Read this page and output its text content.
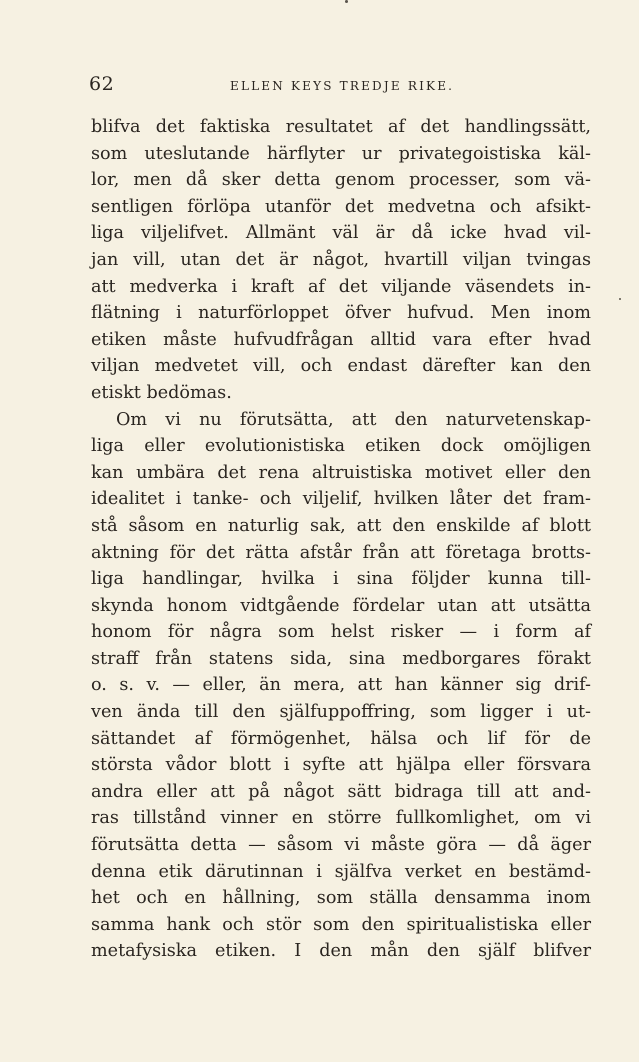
62	ELLEN KEYS TREDJE RIKE.
blifva det faktiska resultatet af det handlingssätt,
som uteslutande härflyter ur privategoistiska käl-
lor, men då sker detta genom processer, som vä-
sentligen förlöpa utanför det medvetna och afsikt-
liga viljelifvet. Allmänt väl är då icke hvad vil-
jan vill, utan det är något, hvartill viljan tvingas
att medverka i kraft af det viljande väsendets in-
flätning i naturförloppet öfver hufvud. Men inom
etiken måste hufvudfrågan alltid vara efter hvad
viljan medvetet vill, och endast därefter kan den
etiskt bedömas.
Om vi nu förutsätta, att den naturvetenskap-
liga eller evolutionistiska etiken dock omöjligen
kan umbära det rena altruistiska motivet eller den
idealitet i tanke- och viljelif, hvilken låter det fram-
stå såsom en naturlig sak, att den enskilde af blott
aktning för det rätta afstår från att företaga brotts-
liga handlingar, hvilka i sina följder kunna till-
skynda honom vidtgående fördelar utan att utsätta
honom för några som helst risker — i form af
straff från statens sida, sina medborgares förakt
o. s. v. — eller, än mera, att han känner sig drif-
ven ända till den själfuppoffring, som ligger i ut-
sättandet af förmögenhet, hälsa och lif för de
största vådor blott i syfte att hjälpa eller försvara
andra eller att på något sätt bidraga till att and-
ras tillstånd vinner en större fullkomlighet, om vi
förutsätta detta — såsom vi måste göra — då äger
denna etik därutinnan i själfva verket en bestämd-
het och en hållning, som ställa densamma inom
samma hank och stör som den spiritualistiska eller
metafysiska etiken. I den mån den själf blifver
